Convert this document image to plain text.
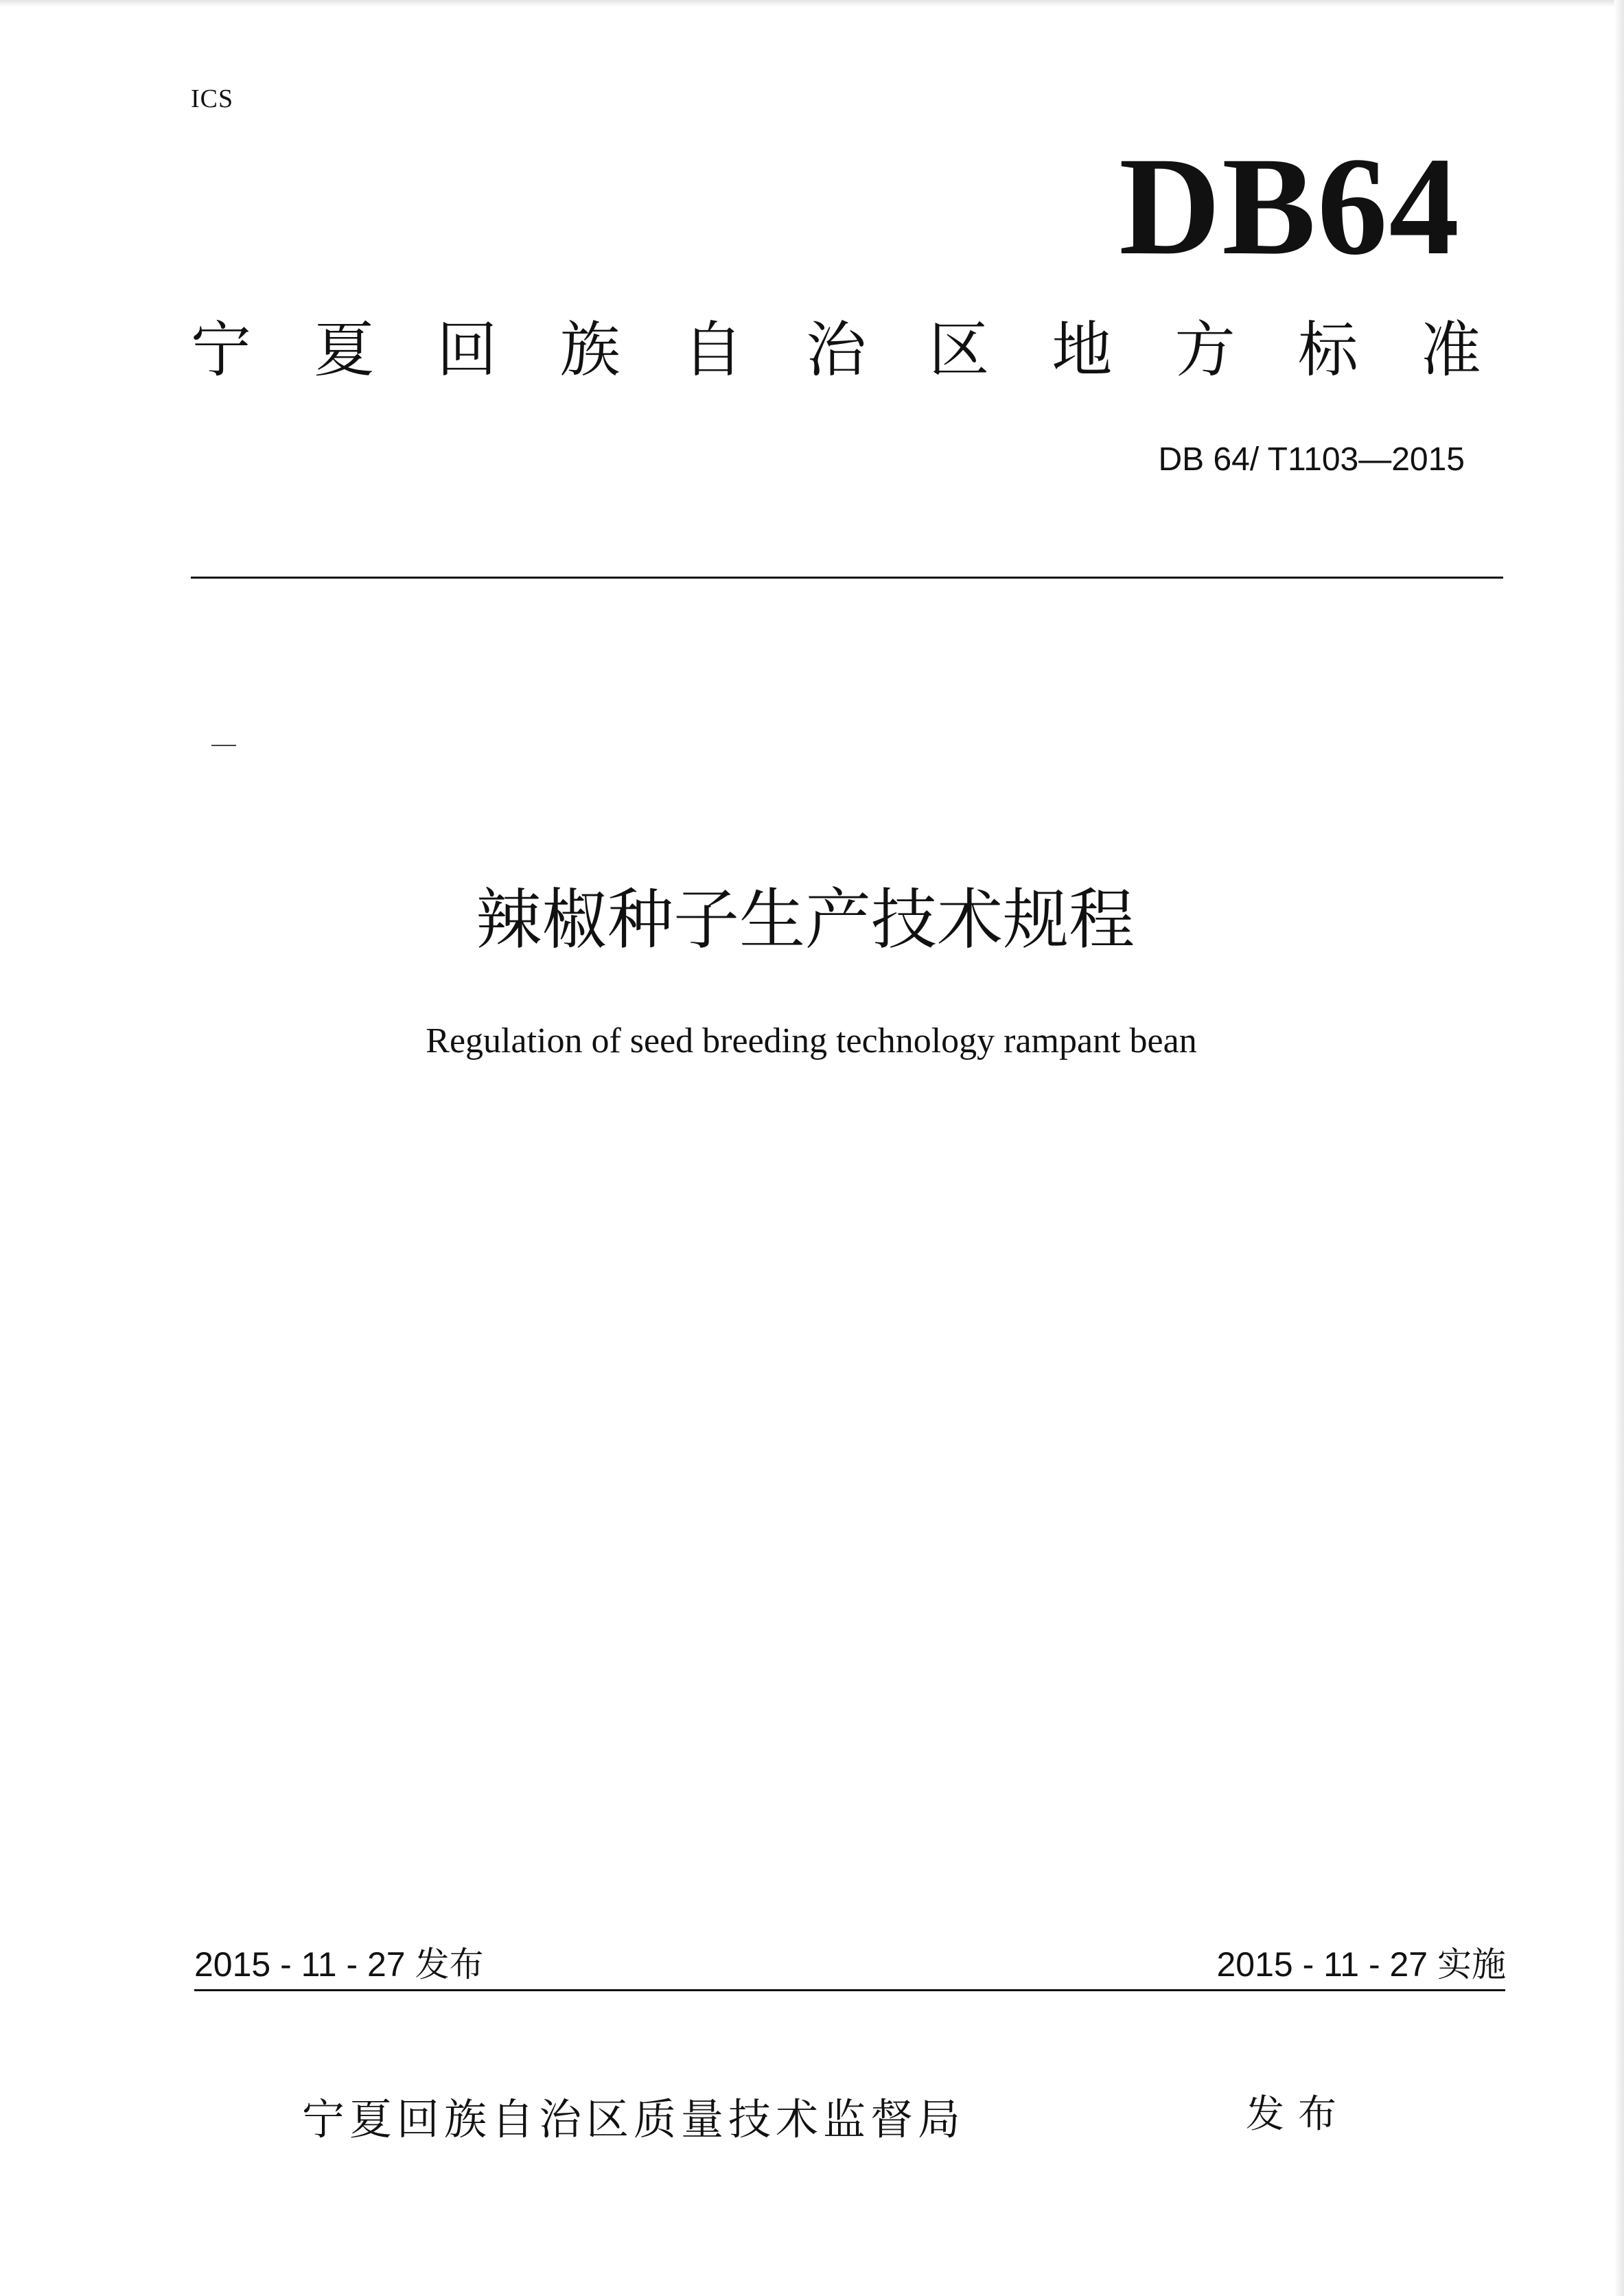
ICS
DB64
宁 夏 回 族 自 治 区 地 方 标 准
DB 64/ T1103—2015
辣椒种子生产技术规程
Regulation of seed breeding technology rampant bean
2015 - 11 - 27 发布	2015 - 11 - 27 实施
宁夏回族自治区质量技术监督局	发布
